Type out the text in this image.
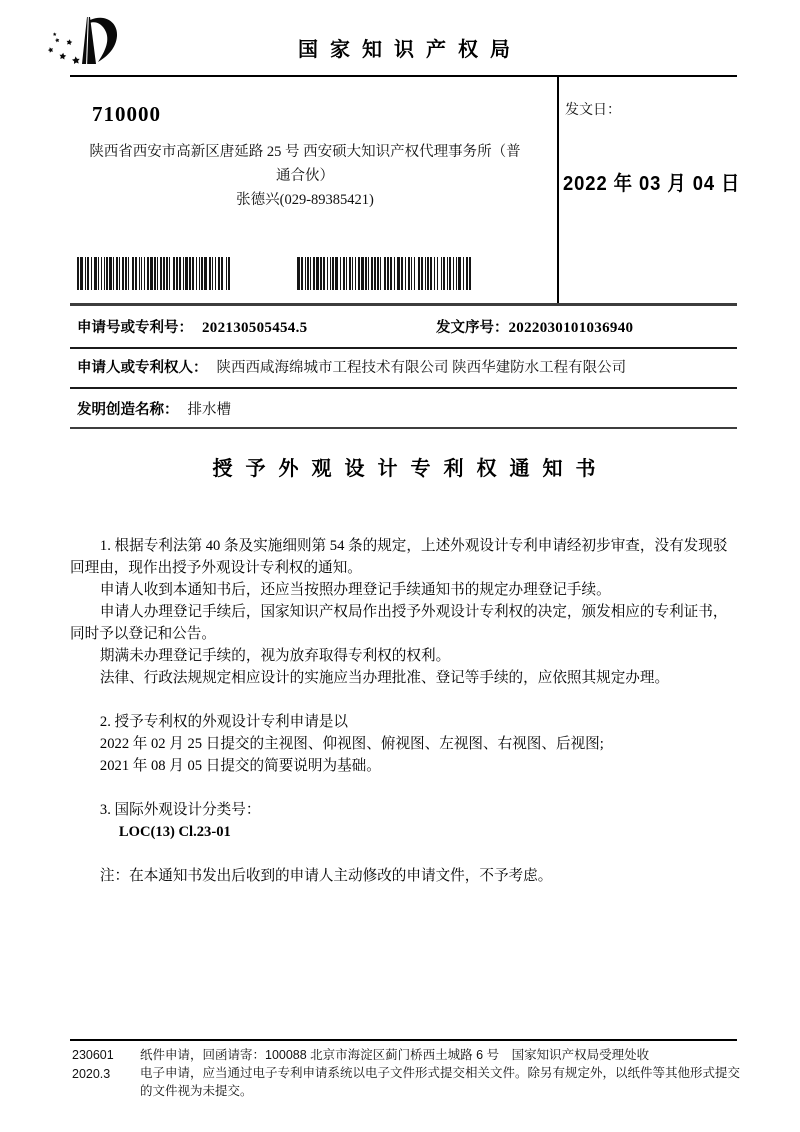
国家知识产权局
710000
陕西省西安市高新区唐延路 25 号 西安硕大知识产权代理事务所（普
通合伙）
张德兴(029-89385421)
发文日：
2022 年 03 月 04 日
申请号或专利号： 202130505454.5	发文序号：2022030101036940
申请人或专利权人： 陕西西咸海绵城市工程技术有限公司 陕西华建防水工程有限公司
发明创造名称： 排水槽
授予外观设计专利权通知书

1. 根据专利法第 40 条及实施细则第 54 条的规定，上述外观设计专利申请经初步审查，没有发现驳回理由，现作出授予外观设计专利权的通知。

申请人收到本通知书后，还应当按照办理登记手续通知书的规定办理登记手续。

申请人办理登记手续后，国家知识产权局作出授予外观设计专利权的决定，颁发相应的专利证书，同时予以登记和公告。

期满未办理登记手续的，视为放弃取得专利权的权利。

法律、行政法规规定相应设计的实施应当办理批准、登记等手续的，应依照其规定办理。

2. 授予专利权的外观设计专利申请是以

2022 年 02 月 25 日提交的主视图、仰视图、俯视图、左视图、右视图、后视图;

2021 年 08 月 05 日提交的简要说明为基础。

3. 国际外观设计分类号：

LOC(13) Cl.23-01

注：在本通知书发出后收到的申请人主动修改的申请文件，不予考虑。

230601
2020.3

纸件申请，回函请寄：100088 北京市海淀区蓟门桥西土城路 6 号　国家知识产权局受理处收

电子申请，应当通过电子专利申请系统以电子文件形式提交相关文件。除另有规定外，以纸件等其他形式提交的文件视为未提交。
